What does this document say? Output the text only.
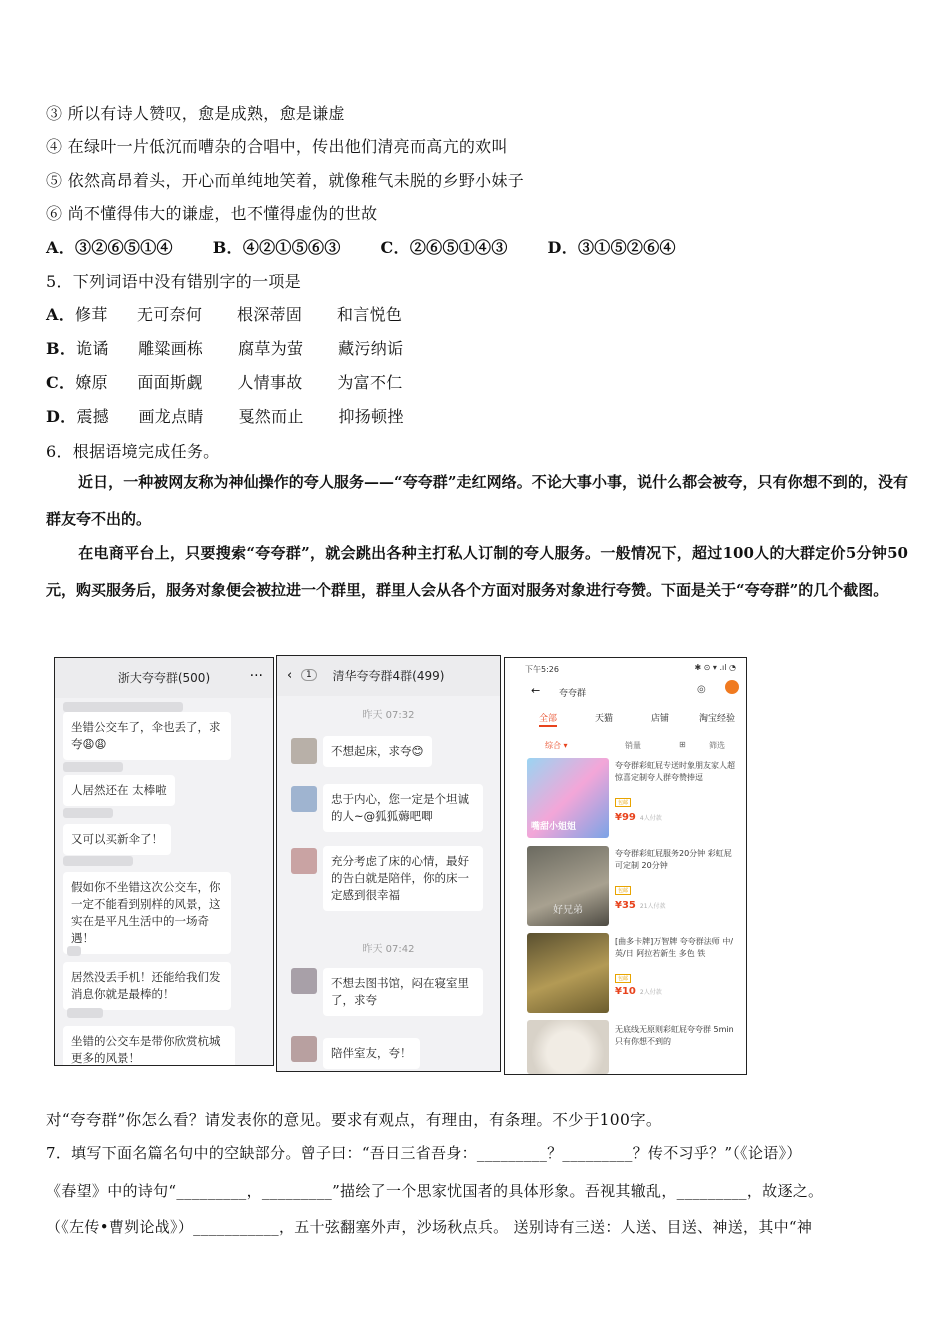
③ 所以有诗人赞叹，愈是成熟，愈是谦虚
④ 在绿叶一片低沉而嘈杂的合唱中，传出他们清亮而高亢的欢叫
⑤ 依然高昂着头，开心而单纯地笑着，就像稚气未脱的乡野小妹子
⑥ 尚不懂得伟大的谦虚，也不懂得虚伪的世故
A．③②⑥⑤①④ B．④②①⑤⑥③ C．②⑥⑤①④③ D．③①⑤②⑥④
5．下列词语中没有错别字的一项是
A．修茸 无可奈何 根深蒂固 和言悦色
B．诡谲 雕粱画栋 腐草为萤 藏污纳诟
C．嫽原 面面斯觑 人情事故 为富不仁
D．震撼 画龙点睛 戛然而止 抑扬顿挫
6．根据语境完成任务。
近日，一种被网友称为神仙操作的夸人服务——“夸夸群”走红网络。不论大事小事，说什么都会被夸，只有你想不到的，没有群友夸不出的。
在电商平台上，只要搜索“夸夸群”，就会跳出各种主打私人订制的夸人服务。一般情况下，超过100人的大群定价5分钟50元，购买服务后，服务对象便会被拉进一个群里，群里人会从各个方面对服务对象进行夸赞。下面是关于“夸夸群”的几个截图。
浙大夸夸群(500)	···
坐错公交车了，伞也丢了，求夸😩😩
人居然还在 太棒啦
又可以买新伞了！
假如你不坐错这次公交车，你一定不能看到别样的风景，这实在是平凡生活中的一场奇遇！
居然没丢手机！还能给我们发消息你就是最棒的！
坐错的公交车是带你欣赏杭城更多的风景！
清华夸夸群4群(499)
‹	1
昨天 07:32
不想起床，求夸😊
忠于内心，您一定是个坦诚的人~@狐狐薅吧唧
充分考虑了床的心情，最好的告白就是陪伴，你的床一定感到很幸福
昨天 07:42
不想去图书馆，闷在寝室里了，求夸
陪伴室友，夸！
下午5:26	✱ ⊙ ▾ .ıl ◔
← 夸夸群	◎
全部	天猫	店铺	淘宝经验
综合 ▾	销量	⊞	筛选
嘴甜小姐姐
夸夸群彩虹屁专送时象朋友家人超惊喜定制夸人群夸赞捧逗
包邮
¥99 4人付款
好兄弟
夸夸群彩虹屁服务20分钟 彩虹屁 可定制 20分钟
包邮
¥35 21人付款
[曲多卡牌]万智牌 夸夸群法师 中/英/日 阿拉若新生 多色 铁
包邮
¥10 2人付款
无底线无原则彩虹屁夸夸群 5min只有你想不到的
对“夸夸群”你怎么看？请发表你的意见。要求有观点，有理由，有条理。不少于100字。
7．填写下面名篇名句中的空缺部分。曾子曰：“吾日三省吾身：_________？_________？传不习乎？”（《论语》）
《春望》中的诗句“_________，_________”描绘了一个思家忧国者的具体形象。吾视其辙乱，_________，故逐之。
（《左传•曹刿论战》）___________，五十弦翻塞外声，沙场秋点兵。 送别诗有三送：人送、目送、神送，其中“神
